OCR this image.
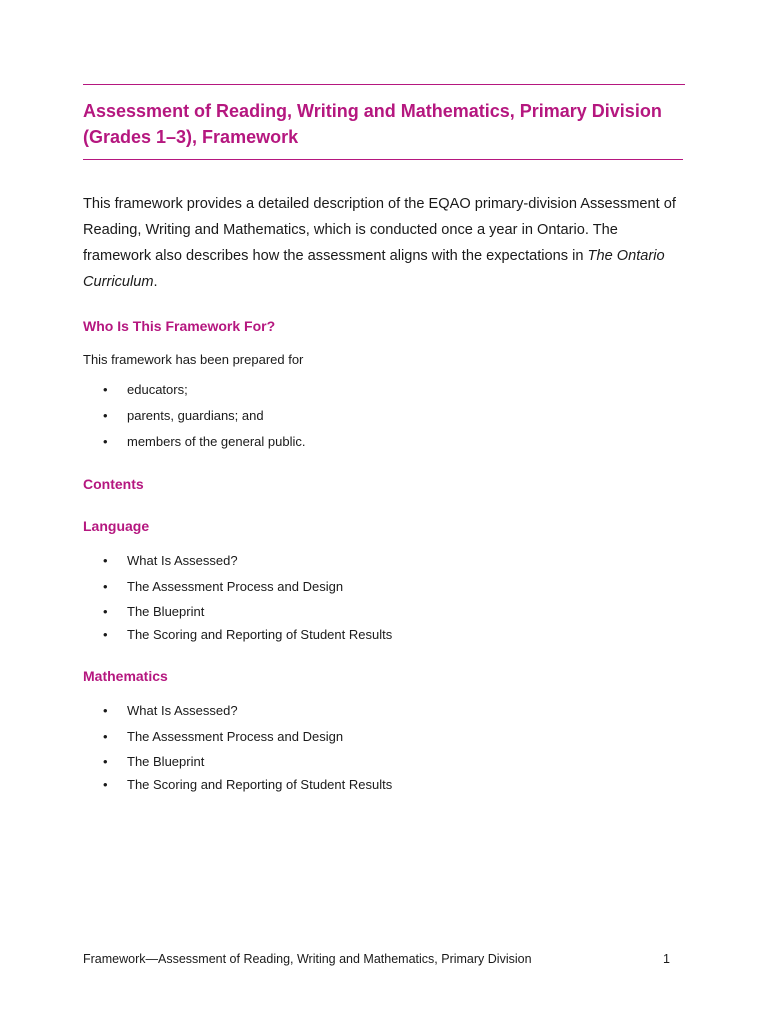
Assessment of Reading, Writing and Mathematics, Primary Division (Grades 1–3), Framework

This framework provides a detailed description of the EQAO primary-division Assessment of Reading, Writing and Mathematics, which is conducted once a year in Ontario. The framework also describes how the assessment aligns with the expectations in The Ontario Curriculum.

Who Is This Framework For?

This framework has been prepared for

• educators;
• parents, guardians; and
• members of the general public.
Contents
Language
• What Is Assessed?
• The Assessment Process and Design
• The Blueprint
• The Scoring and Reporting of Student Results
Mathematics
• What Is Assessed?
• The Assessment Process and Design
• The Blueprint
• The Scoring and Reporting of Student Results
Framework—Assessment of Reading, Writing and Mathematics, Primary Division	1
